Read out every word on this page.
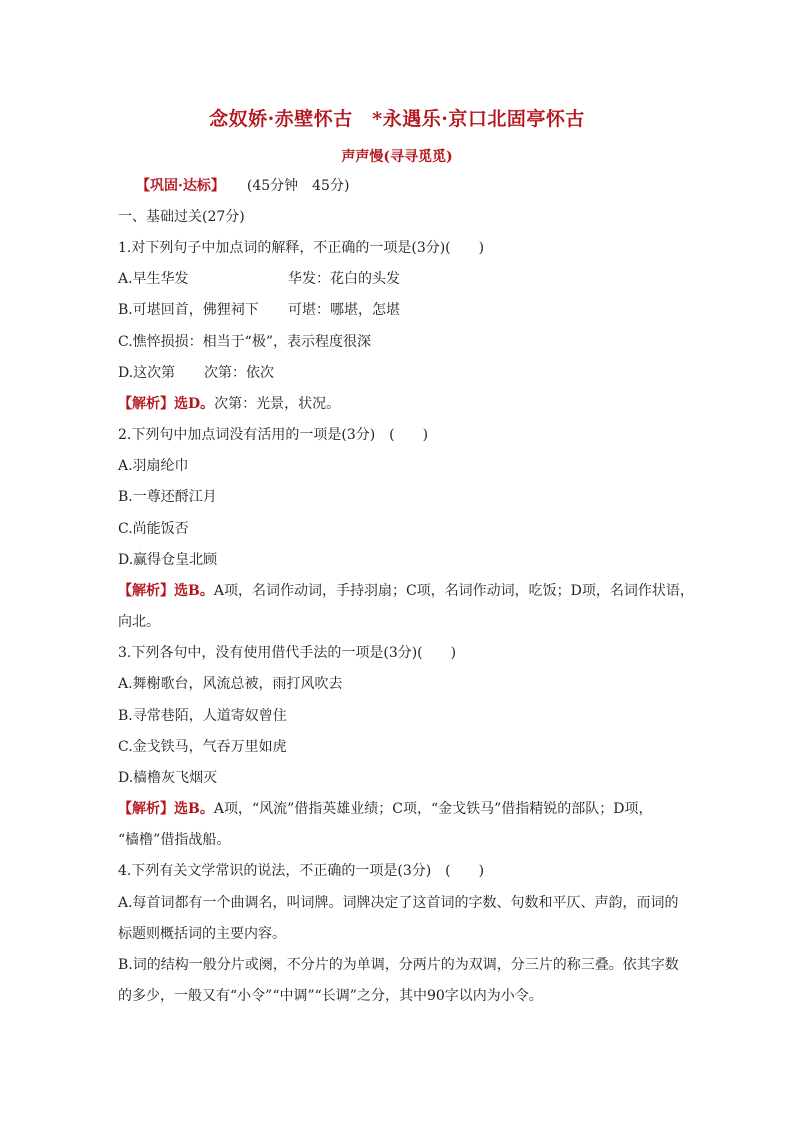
念奴娇·赤壁怀古　*永遇乐·京口北固亭怀古
声声慢(寻寻觅觅)
【巩固·达标】 (45分钟　45分)
一、基础过关(27分)
1.对下列句子中加点词的解释，不正确的一项是(3分)(　　)
A.早生华发	华发：花白的头发
B.可堪回首，佛狸祠下 可堪：哪堪，怎堪
C.憔悴损损：相当于“极”，表示程度很深
D.这次第 次第：依次
【解析】选D。次第：光景，状况。
2.下列句中加点词没有活用的一项是(3分)　(　　)
A.羽扇纶巾
B.一尊还酹江月
C.尚能饭否
D.赢得仓皇北顾
【解析】选B。A项，名词作动词，手持羽扇；C项，名词作动词，吃饭；D项，名词作状语，
向北。
3.下列各句中，没有使用借代手法的一项是(3分)(　　)
A.舞榭歌台，风流总被，雨打风吹去
B.寻常巷陌，人道寄奴曾住
C.金戈铁马，气吞万里如虎
D.樯橹灰飞烟灭
【解析】选B。A项，“风流”借指英雄业绩；C项，“金戈铁马”借指精锐的部队；D项，
“樯橹”借指战船。
4.下列有关文学常识的说法，不正确的一项是(3分)　(　　)
A.每首词都有一个曲调名，叫词牌。词牌决定了这首词的字数、句数和平仄、声韵，而词的
标题则概括词的主要内容。
B.词的结构一般分片或阕，不分片的为单调，分两片的为双调，分三片的称三叠。依其字数
的多少，一般又有“小令”“中调”“长调”之分，其中90字以内为小令。
